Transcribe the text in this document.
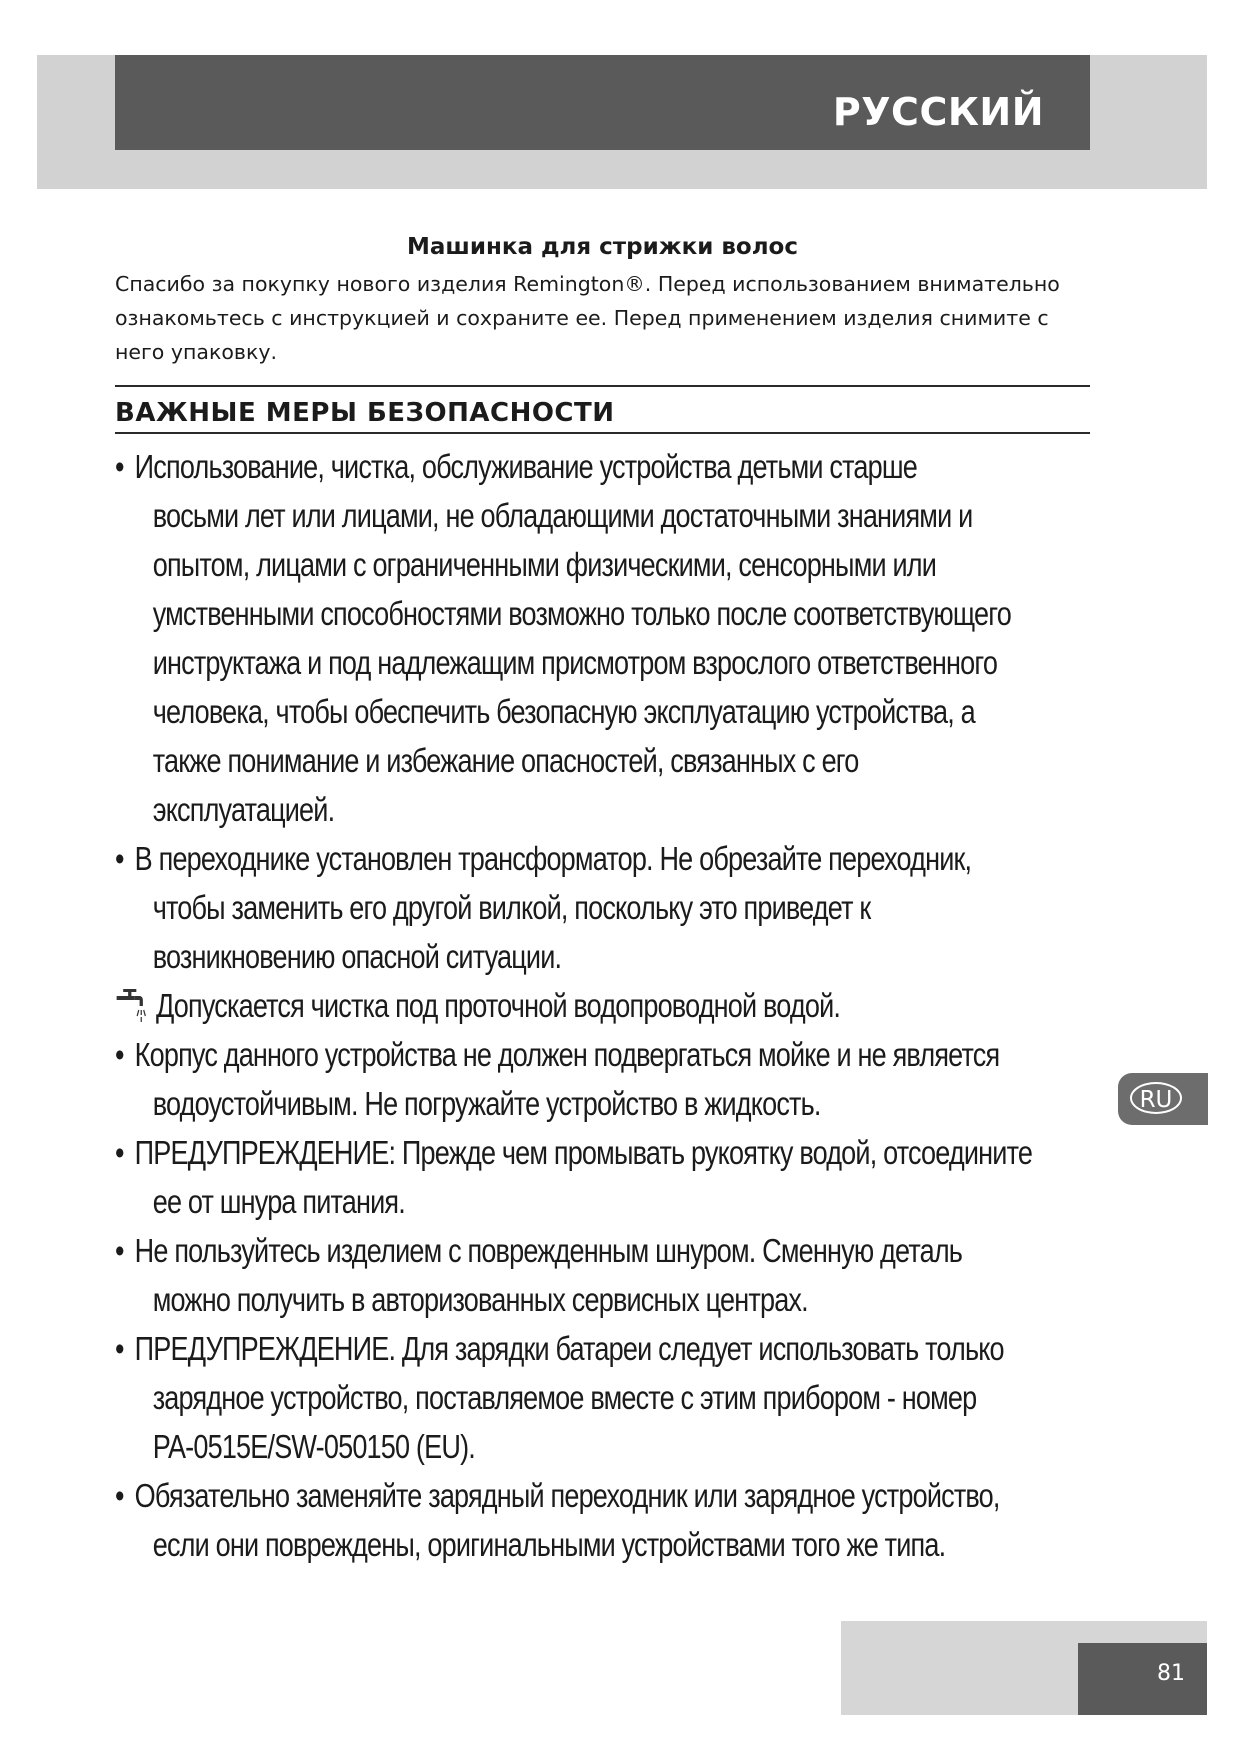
РУССКИЙ
Машинка для стрижки волос

Спасибо за покупку нового изделия Remington®. Перед использованием внимательно
ознакомьтесь с инструкцией и сохраните ее. Перед применением изделия снимите с
него упаковку.

ВАЖНЫЕ МЕРЫ БЕЗОПАСНОСТИ
• Использование, чистка, обслуживание устройства детьми старше
восьми лет или лицами, не обладающими достаточными знаниями и
опытом, лицами с ограниченными физическими, сенсорными или
умственными способностями возможно только после соответствующего
инструктажа и под надлежащим присмотром взрослого ответственного
человека, чтобы обеспечить безопасную эксплуатацию устройства, а
также понимание и избежание опасностей, связанных с его
эксплуатацией.
• В переходнике установлен трансформатор. Не обрезайте переходник,
чтобы заменить его другой вилкой, поскольку это приведет к
возникновению опасной ситуации.
Допускается чистка под проточной водопроводной водой.
• Корпус данного устройства не должен подвергаться мойке и не является
водоустойчивым. Не погружайте устройство в жидкость.
• ПРЕДУПРЕЖДЕНИЕ: Прежде чем промывать рукоятку водой, отсоедините
ее от шнура питания.
• Не пользуйтесь изделием с поврежденным шнуром. Сменную деталь
можно получить в авторизованных сервисных центрах.
• ПРЕДУПРЕЖДЕНИЕ. Для зарядки батареи следует использовать только
зарядное устройство, поставляемое вместе с этим прибором - номер
PA-0515E/SW-050150 (EU).
• Обязательно заменяйте зарядный переходник или зарядное устройство,
если они повреждены, оригинальными устройствами того же типа.
RU
81
